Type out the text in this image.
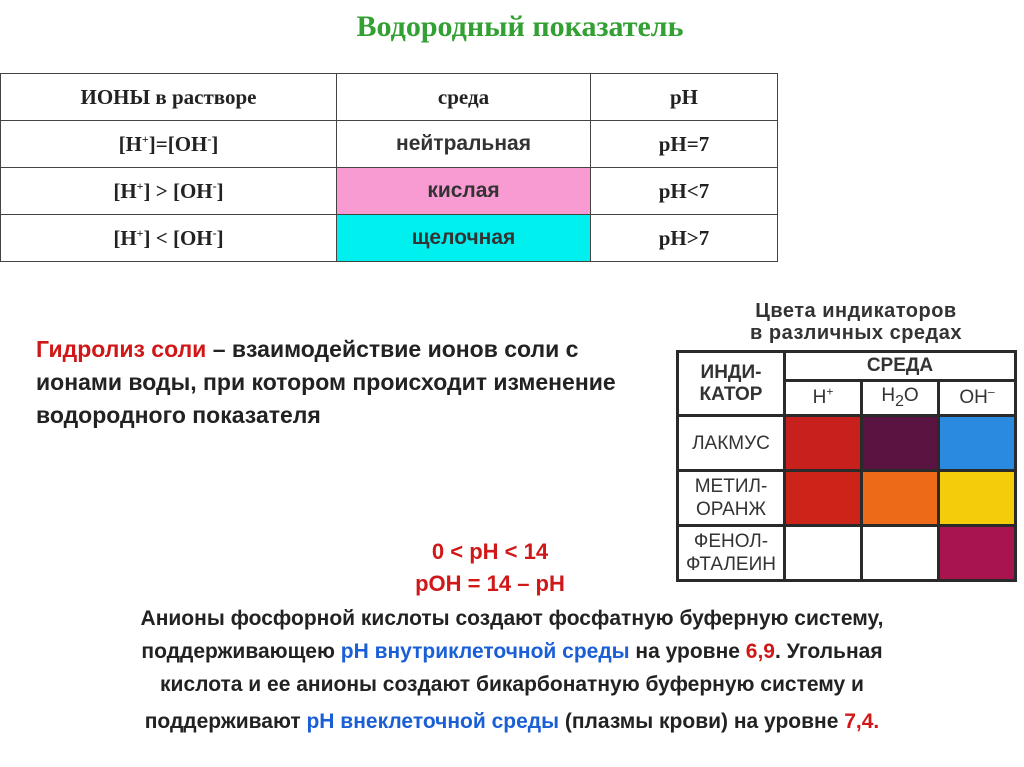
Водородный показатель
ИОНЫ в растворе	среда	pH
[H+]=[OH-]	нейтральная	pH=7
[H+] > [OH-]	кислая	pH<7
[H+] < [OH-]	щелочная	pH>7
Гидролиз соли – взаимодействие ионов соли с ионами воды, при котором происходит изменение водородного показателя
Цвета индикаторов
в различных средах
ИНДИ-
КАТОР	СРЕДА		
	H+	$H_2O$	OH–

ЛАКМУС			

МЕТИЛ-
ОРАНЖ			

ФЕНОЛ-
ФТАЛЕИН			

0 < pH < 14
pOH = 14 – pH
Анионы фосфорной кислоты создают фосфатную буферную систему,
поддерживающею рН внутриклеточной среды на уровне 6,9. Угольная
кислота и ее анионы создают бикарбонатную буферную систему и
поддерживают рН внеклеточной среды (плазмы крови) на уровне 7,4.
